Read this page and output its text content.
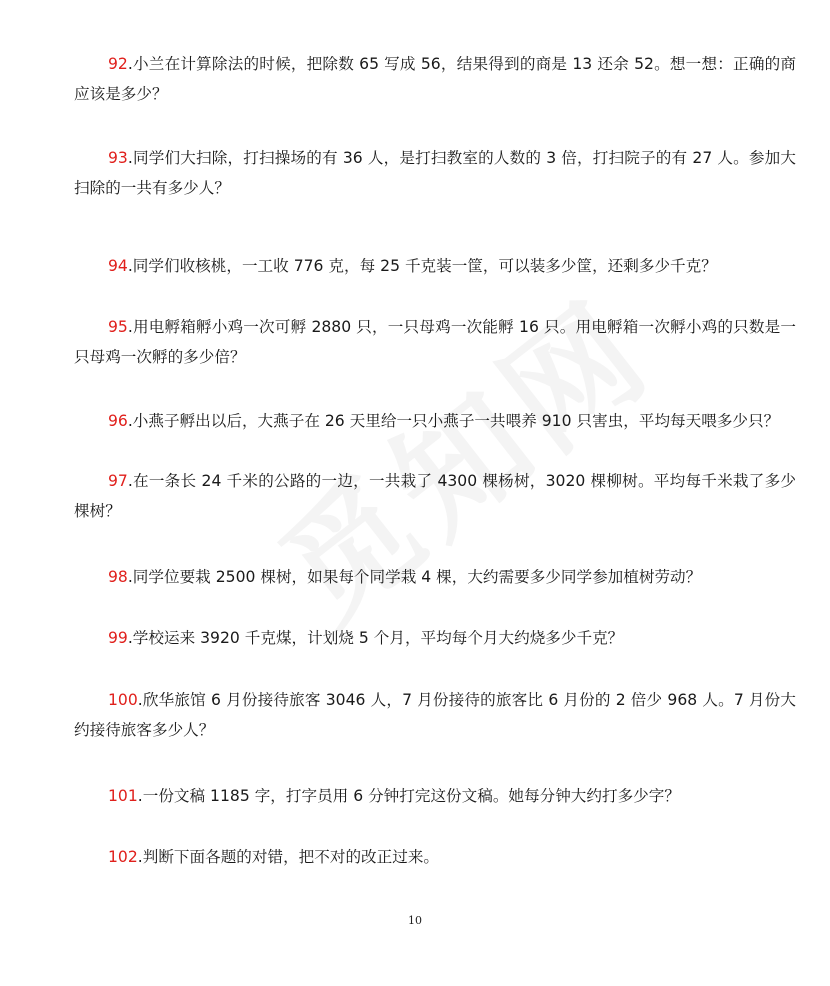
92.小兰在计算除法的时候，把除数 65 写成 56，结果得到的商是 13 还余 52。想一想：正确的商应该是多少？

93.同学们大扫除，打扫操场的有 36 人，是打扫教室的人数的 3 倍，打扫院子的有 27 人。参加大扫除的一共有多少人？

94.同学们收核桃，一工收 776 克，每 25 千克装一筐，可以装多少筐，还剩多少千克？

95.用电孵箱孵小鸡一次可孵 2880 只，一只母鸡一次能孵 16 只。用电孵箱一次孵小鸡的只数是一只母鸡一次孵的多少倍？

96.小燕子孵出以后，大燕子在 26 天里给一只小燕子一共喂养 910 只害虫，平均每天喂多少只？

97.在一条长 24 千米的公路的一边，一共栽了 4300 棵杨树，3020 棵柳树。平均每千米栽了多少棵树？

98.同学位要栽 2500 棵树，如果每个同学栽 4 棵，大约需要多少同学参加植树劳动？

99.学校运来 3920 千克煤，计划烧 5 个月，平均每个月大约烧多少千克？

100.欣华旅馆 6 月份接待旅客 3046 人，7 月份接待的旅客比 6 月份的 2 倍少 968 人。7 月份大约接待旅客多少人？

101.一份文稿 1185 字，打字员用 6 分钟打完这份文稿。她每分钟大约打多少字？

102.判断下面各题的对错，把不对的改正过来。

10
